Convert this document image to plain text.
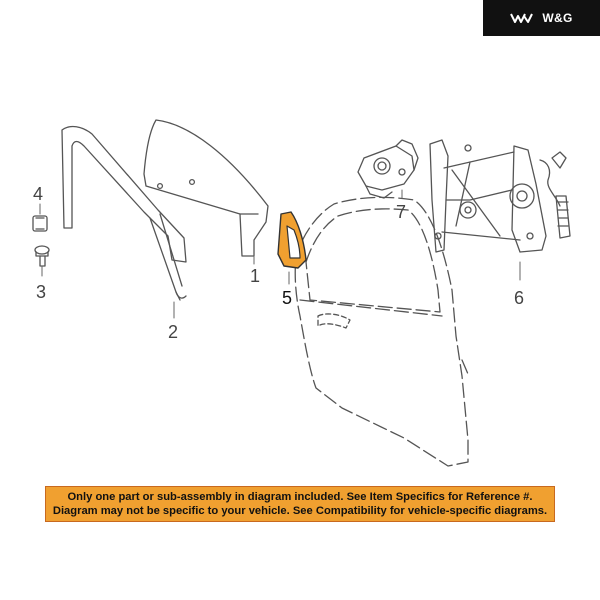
W&G
1
2
3
4
5	6
7
Only one part or sub-assembly in diagram included. See Item Specifics for Reference #.
Diagram may not be specific to your vehicle. See Compatibility for vehicle-specific diagrams.
